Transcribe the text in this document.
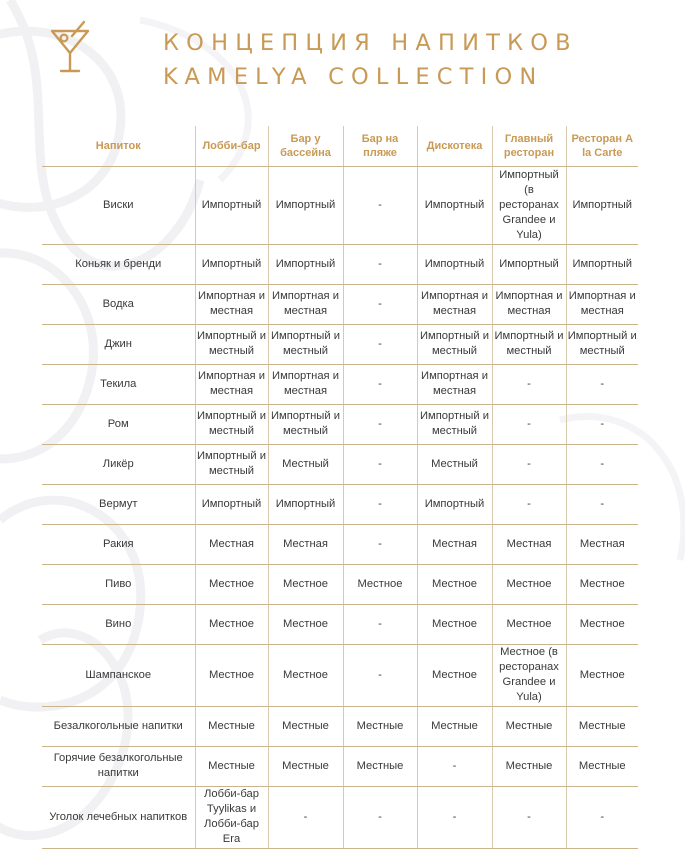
КОНЦЕПЦИЯ НАПИТКОВ
KAMELYA COLLECTION
Напиток	Лобби-бар	Бар у бассейна	Бар на пляже	Дискотека	Главный ресторан	Ресторан A la Carte
Виски	Импортный	Импортный	-	Импортный	Импортный (в ресторанах Grandee и Yula)	Импортный
Коньяк и бренди	Импортный	Импортный	-	Импортный	Импортный	Импортный
Водка	Импортная и местная	Импортная и местная	-	Импортная и местная	Импортная и местная	Импортная и местная
Джин	Импортный и местный	Импортный и местный	-	Импортный и местный	Импортный и местный	Импортный и местный
Текила	Импортная и местная	Импортная и местная	-	Импортная и местная	-	-
Ром	Импортный и местный	Импортный и местный	-	Импортный и местный	-	-
Ликёр	Импортный и местный	Местный	-	Местный	-	-
Вермут	Импортный	Импортный	-	Импортный	-	-
Ракия	Местная	Местная	-	Местная	Местная	Местная
Пиво	Местное	Местное	Местное	Местное	Местное	Местное
Вино	Местное	Местное	-	Местное	Местное	Местное
Шампанское	Местное	Местное	-	Местное	Местное (в ресторанах Grandee и Yula)	Местное
Безалкогольные напитки	Местные	Местные	Местные	Местные	Местные	Местные
Горячие безалкогольные напитки	Местные	Местные	Местные	-	Местные	Местные
Уголок лечебных напитков	Лобби-бар Tyylikas и Лобби-бар Era	-	-	-	-	-
